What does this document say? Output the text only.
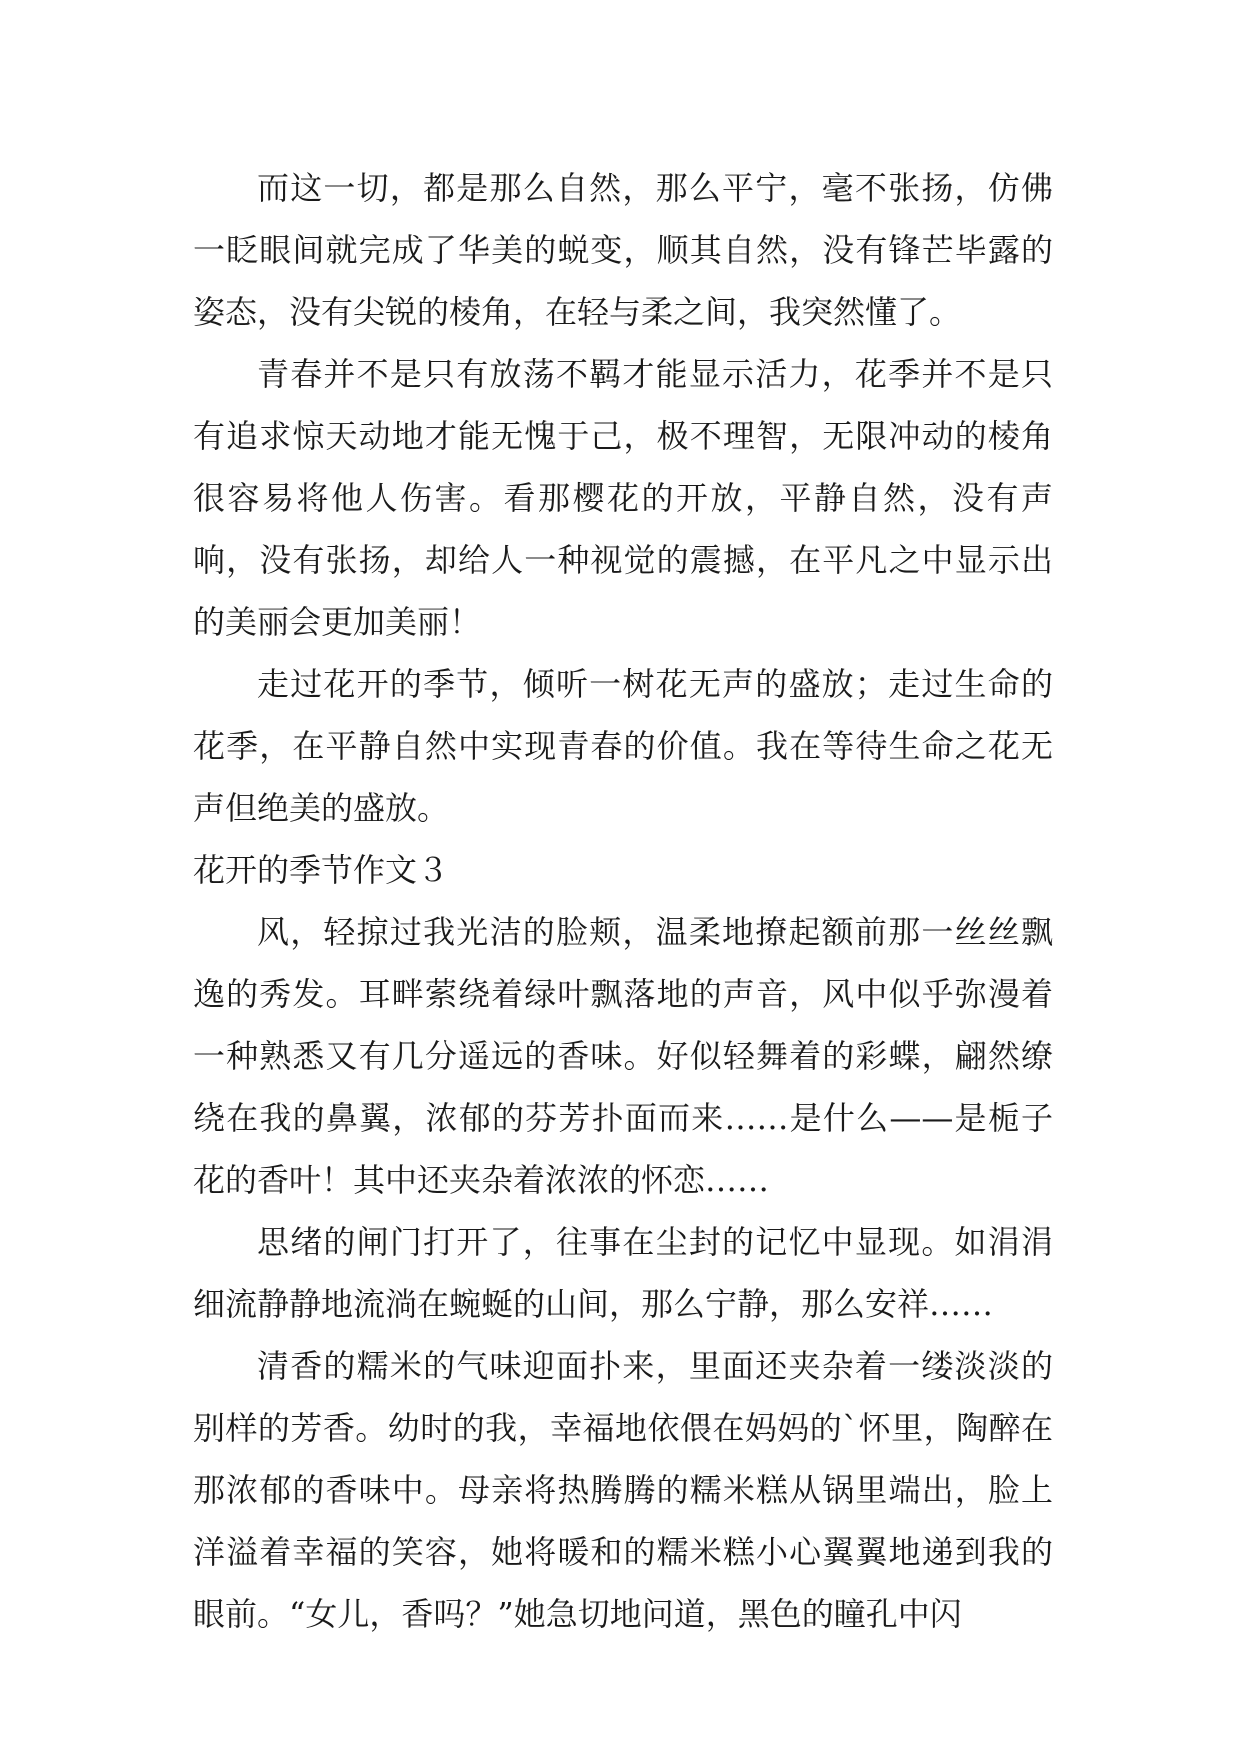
而这一切，都是那么自然，那么平宁，毫不张扬，仿佛一眨眼间就完成了华美的蜕变，顺其自然，没有锋芒毕露的姿态，没有尖锐的棱角，在轻与柔之间，我突然懂了。

青春并不是只有放荡不羁才能显示活力，花季并不是只有追求惊天动地才能无愧于己，极不理智，无限冲动的棱角很容易将他人伤害。看那樱花的开放，平静自然，没有声响，没有张扬，却给人一种视觉的震撼，在平凡之中显示出的美丽会更加美丽！

走过花开的季节，倾听一树花无声的盛放；走过生命的花季，在平静自然中实现青春的价值。我在等待生命之花无声但绝美的盛放。

花开的季节作文３

风，轻掠过我光洁的脸颊，温柔地撩起额前那一丝丝飘逸的秀发。耳畔萦绕着绿叶飘落地的声音，风中似乎弥漫着一种熟悉又有几分遥远的香味。好似轻舞着的彩蝶，翩然缭绕在我的鼻翼，浓郁的芬芳扑面而来……是什么——是栀子花的香叶！其中还夹杂着浓浓的怀恋……

思绪的闸门打开了，往事在尘封的记忆中显现。如涓涓细流静静地流淌在蜿蜒的山间，那么宁静，那么安祥……

清香的糯米的气味迎面扑来，里面还夹杂着一缕淡淡的别样的芳香。幼时的我，幸福地依偎在妈妈的`怀里，陶醉在那浓郁的香味中。母亲将热腾腾的糯米糕从锅里端出，脸上洋溢着幸福的笑容，她将暖和的糯米糕小心翼翼地递到我的眼前。“女儿，香吗？”她急切地问道，黑色的瞳孔中闪
